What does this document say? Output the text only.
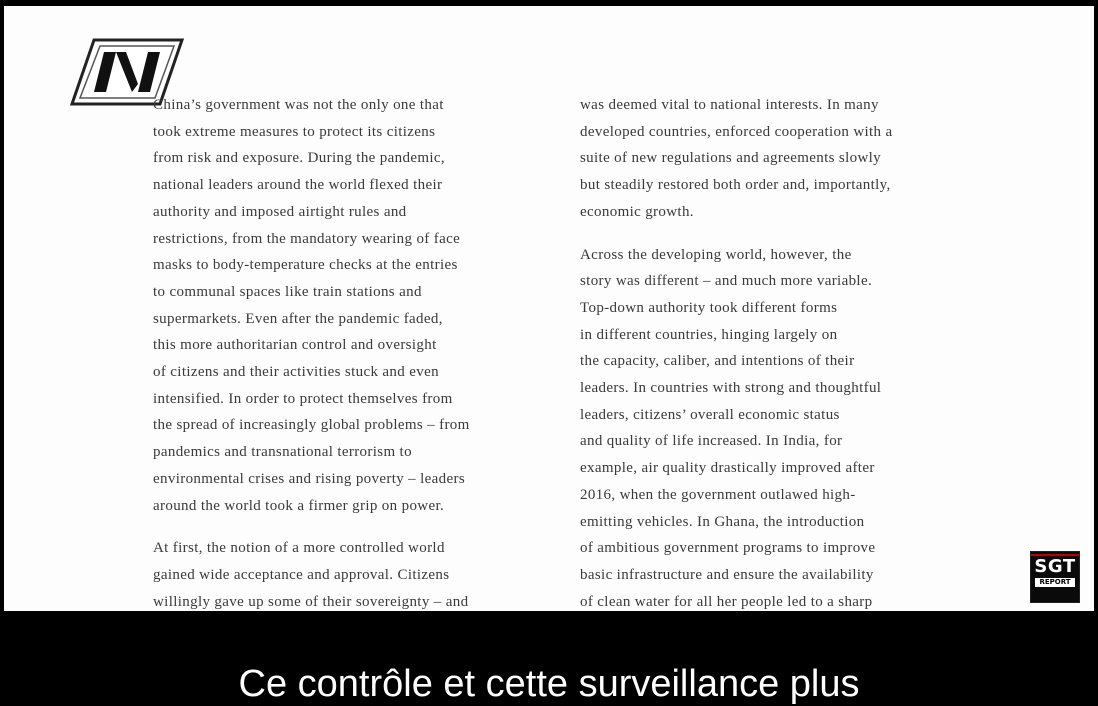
China’s government was not the only one that
took extreme measures to protect its citizens
from risk and exposure. During the pandemic,
national leaders around the world flexed their
authority and imposed airtight rules and
restrictions, from the mandatory wearing of face
masks to body-temperature checks at the entries
to communal spaces like train stations and
supermarkets. Even after the pandemic faded,
this more authoritarian control and oversight
of citizens and their activities stuck and even
intensified. In order to protect themselves from
the spread of increasingly global problems – from
pandemics and transnational terrorism to
environmental crises and rising poverty – leaders
around the world took a firmer grip on power.

At first, the notion of a more controlled world
gained wide acceptance and approval. Citizens
willingly gave up some of their sovereignty – and

was deemed vital to national interests. In many
developed countries, enforced cooperation with a
suite of new regulations and agreements slowly
but steadily restored both order and, importantly,
economic growth.

Across the developing world, however, the
story was different – and much more variable.
Top-down authority took different forms
in different countries, hinging largely on
the capacity, caliber, and intentions of their
leaders. In countries with strong and thoughtful
leaders, citizens’ overall economic status
and quality of life increased. In India, for
example, air quality drastically improved after
2016, when the government outlawed high-
emitting vehicles. In Ghana, the introduction
of ambitious government programs to improve
basic infrastructure and ensure the availability
of clean water for all her people led to a sharp

SGT
REPORT
Ce contrôle et cette surveillance plus
